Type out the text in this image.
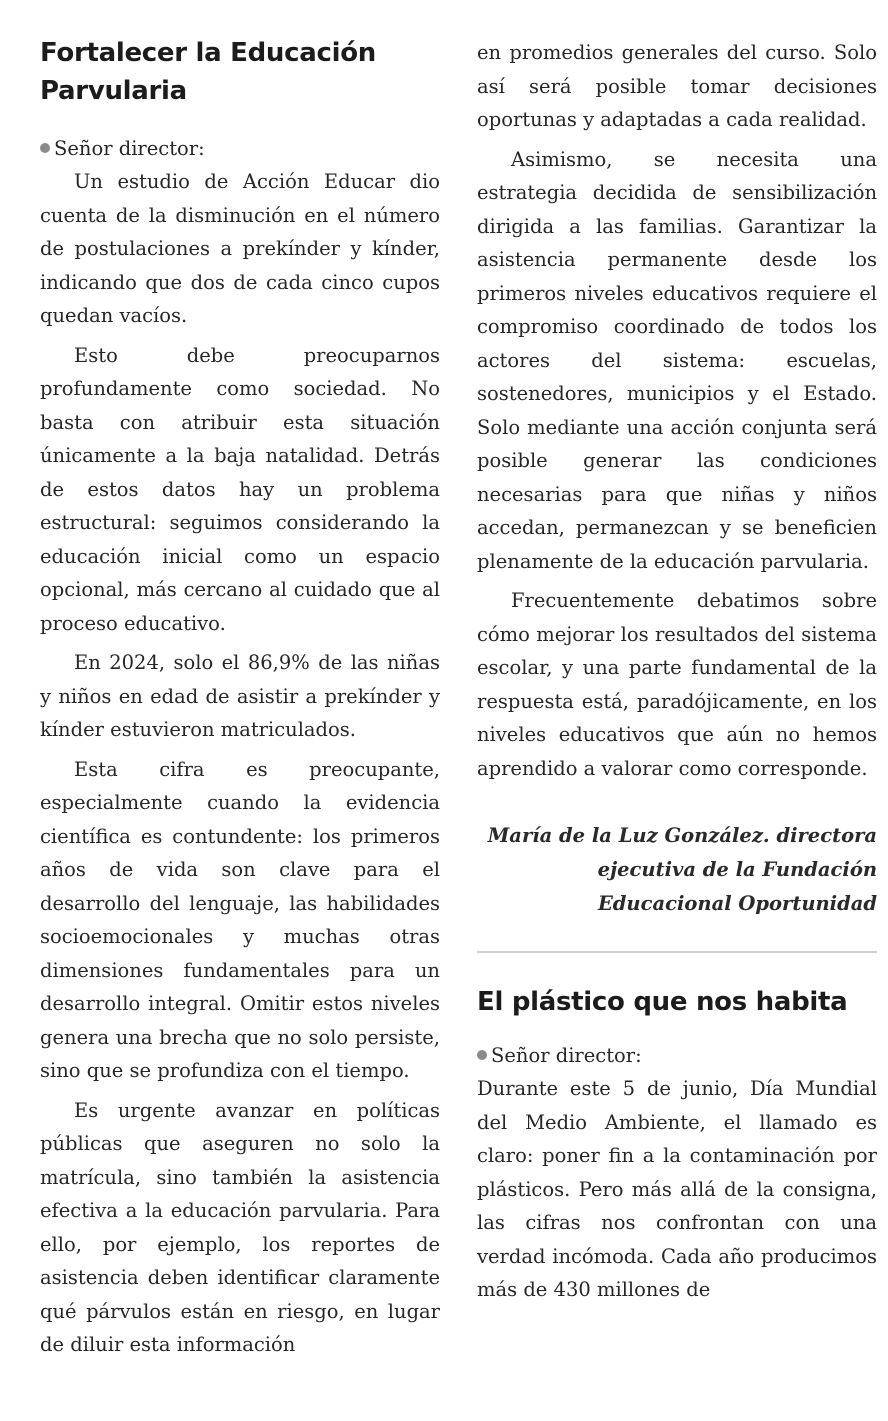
Fortalecer la Educación Parvularia

Señor director:

Un estudio de Acción Educar dio cuenta de la disminución en el número de postulaciones a prekínder y kínder, indicando que dos de cada cinco cupos quedan vacíos.

Esto debe preocuparnos profundamente como sociedad. No basta con atribuir esta situación únicamente a la baja natalidad. Detrás de estos datos hay un problema estructural: seguimos considerando la educación inicial como un espacio opcional, más cercano al cuidado que al proceso educativo.

En 2024, solo el 86,9% de las niñas y niños en edad de asistir a prekínder y kínder estuvieron matriculados.

Esta cifra es preocupante, especialmente cuando la evidencia científica es contundente: los primeros años de vida son clave para el desarrollo del lenguaje, las habilidades socioemocionales y muchas otras dimensiones fundamentales para un desarrollo integral. Omitir estos niveles genera una brecha que no solo persiste, sino que se profundiza con el tiempo.

Es urgente avanzar en políticas públicas que aseguren no solo la matrícula, sino también la asistencia efectiva a la educación parvularia. Para ello, por ejemplo, los reportes de asistencia deben identificar claramente qué párvulos están en riesgo, en lugar de diluir esta información

en promedios generales del curso. Solo así será posible tomar decisiones oportunas y adaptadas a cada realidad.

Asimismo, se necesita una estrategia decidida de sensibilización dirigida a las familias. Garantizar la asistencia permanente desde los primeros niveles educativos requiere el compromiso coordinado de todos los actores del sistema: escuelas, sostenedores, municipios y el Estado. Solo mediante una acción conjunta será posible generar las condiciones necesarias para que niñas y niños accedan, permanezcan y se beneficien plenamente de la educación parvularia.

Frecuentemente debatimos sobre cómo mejorar los resultados del sistema escolar, y una parte fundamental de la respuesta está, paradójicamente, en los niveles educativos que aún no hemos aprendido a valorar como corresponde.

María de la Luz González. directora ejecutiva de la Fundación Educacional Oportunidad

El plástico que nos habita

Señor director:

Durante este 5 de junio, Día Mundial del Medio Ambiente, el llamado es claro: poner fin a la contaminación por plásticos. Pero más allá de la consigna, las cifras nos confrontan con una verdad incómoda. Cada año producimos más de 430 millones de
